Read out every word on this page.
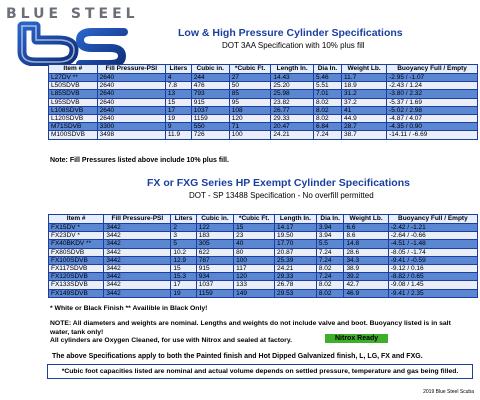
BLUE STEEL
Low & High Pressure Cylinder Specifications
DOT 3AA Specification with 10% plus fill
Item #	Fill Pressure-PSI	Liters	Cubic in.	*Cubic Ft.	Length In.	Dia In.	Weight Lb.	Buoyancy Full / Empty
L27DV **	2640	4	244	27	14.43	5.46	11.7	-2.95 / -1.07
L50SDVB	2640	7.8	476	50	25.20	5.51	18.9	-2.43 / 1.24
L85SDVB	2640	13	793	85	25.98	7.01	31.2	-3.80 / 2.32
L95SDVB	2640	15	915	95	23.82	8.02	37.2	-5.37 / 1.69
L108SDVB	2640	17	1037	108	26.77	8.02	41	-5.02 / 2.98
L120SDVB	2640	19	1159	120	29.33	8.02	44.9	-4.87 / 4.07
M71SDVB	3300	9	550	71	20.47	6.84	28.7	-4.35 / 0.90
M100SDVB	3498	11.9	726	100	24.21	7.24	38.7	-14.11 / -6.69
Note: Fill Pressures listed above include 10% plus fill.
FX or FXG Series HP Exempt Cylinder Specifications
DOT - SP 13488 Specification - No overfill permitted
Item #	Fill Pressure-PSI	Liters	Cubic in.	*Cubic Ft.	Length In.	Dia In.	Weight Lb.	Buoyancy Full / Empty
FX15DV *	3442	2	122	15	14.17	3.94	6.6	-2.42 / -1.21
FX23DV *	3442	3	183	23	19.50	3.94	8.6	-2.64 / -0.66
FX40BKDV **	3442	5	305	40	17.70	5.5	14.8	-4.51 / -1.48
FX80SDVB	3442	10.2	622	80	20.87	7.24	28.6	-8.05 / -1.74
FX100SDVB	3442	12.9	787	100	25.39	7.24	34.3	-9.41 / -0.59
FX117SDVB	3442	15	915	117	24.21	8.02	38.9	-9.12 / 0.16
FX120SDVB	3442	15.3	934	120	29.33	7.24	39.2	-8.82 / 0.65
FX133SDVB	3442	17	1037	133	26.78	8.02	42.7	-9.08 / 1.45
FX149SDVB	3442	19	1159	149	29.53	8.02	46.9	-9.41 / 2.35
* White or Black Finish ** Availible in Black Only!
NOTE: All diameters and weights are nominal. Lengths and weights do not include valve and boot. Buoyancy listed is in salt water, tank only!
All cylinders are Oxygen Cleaned, for use with Nitrox and sealed at factory.	Nitrox Ready
The above Specifications apply to both the Painted finish and Hot Dipped Galvanized finish, L, LG, FX and FXG.
*Cubic foot capacities listed are nominal and actual volume depends on settled pressure, temperature and gas being filled.
2019 Blue Steel Scuba
